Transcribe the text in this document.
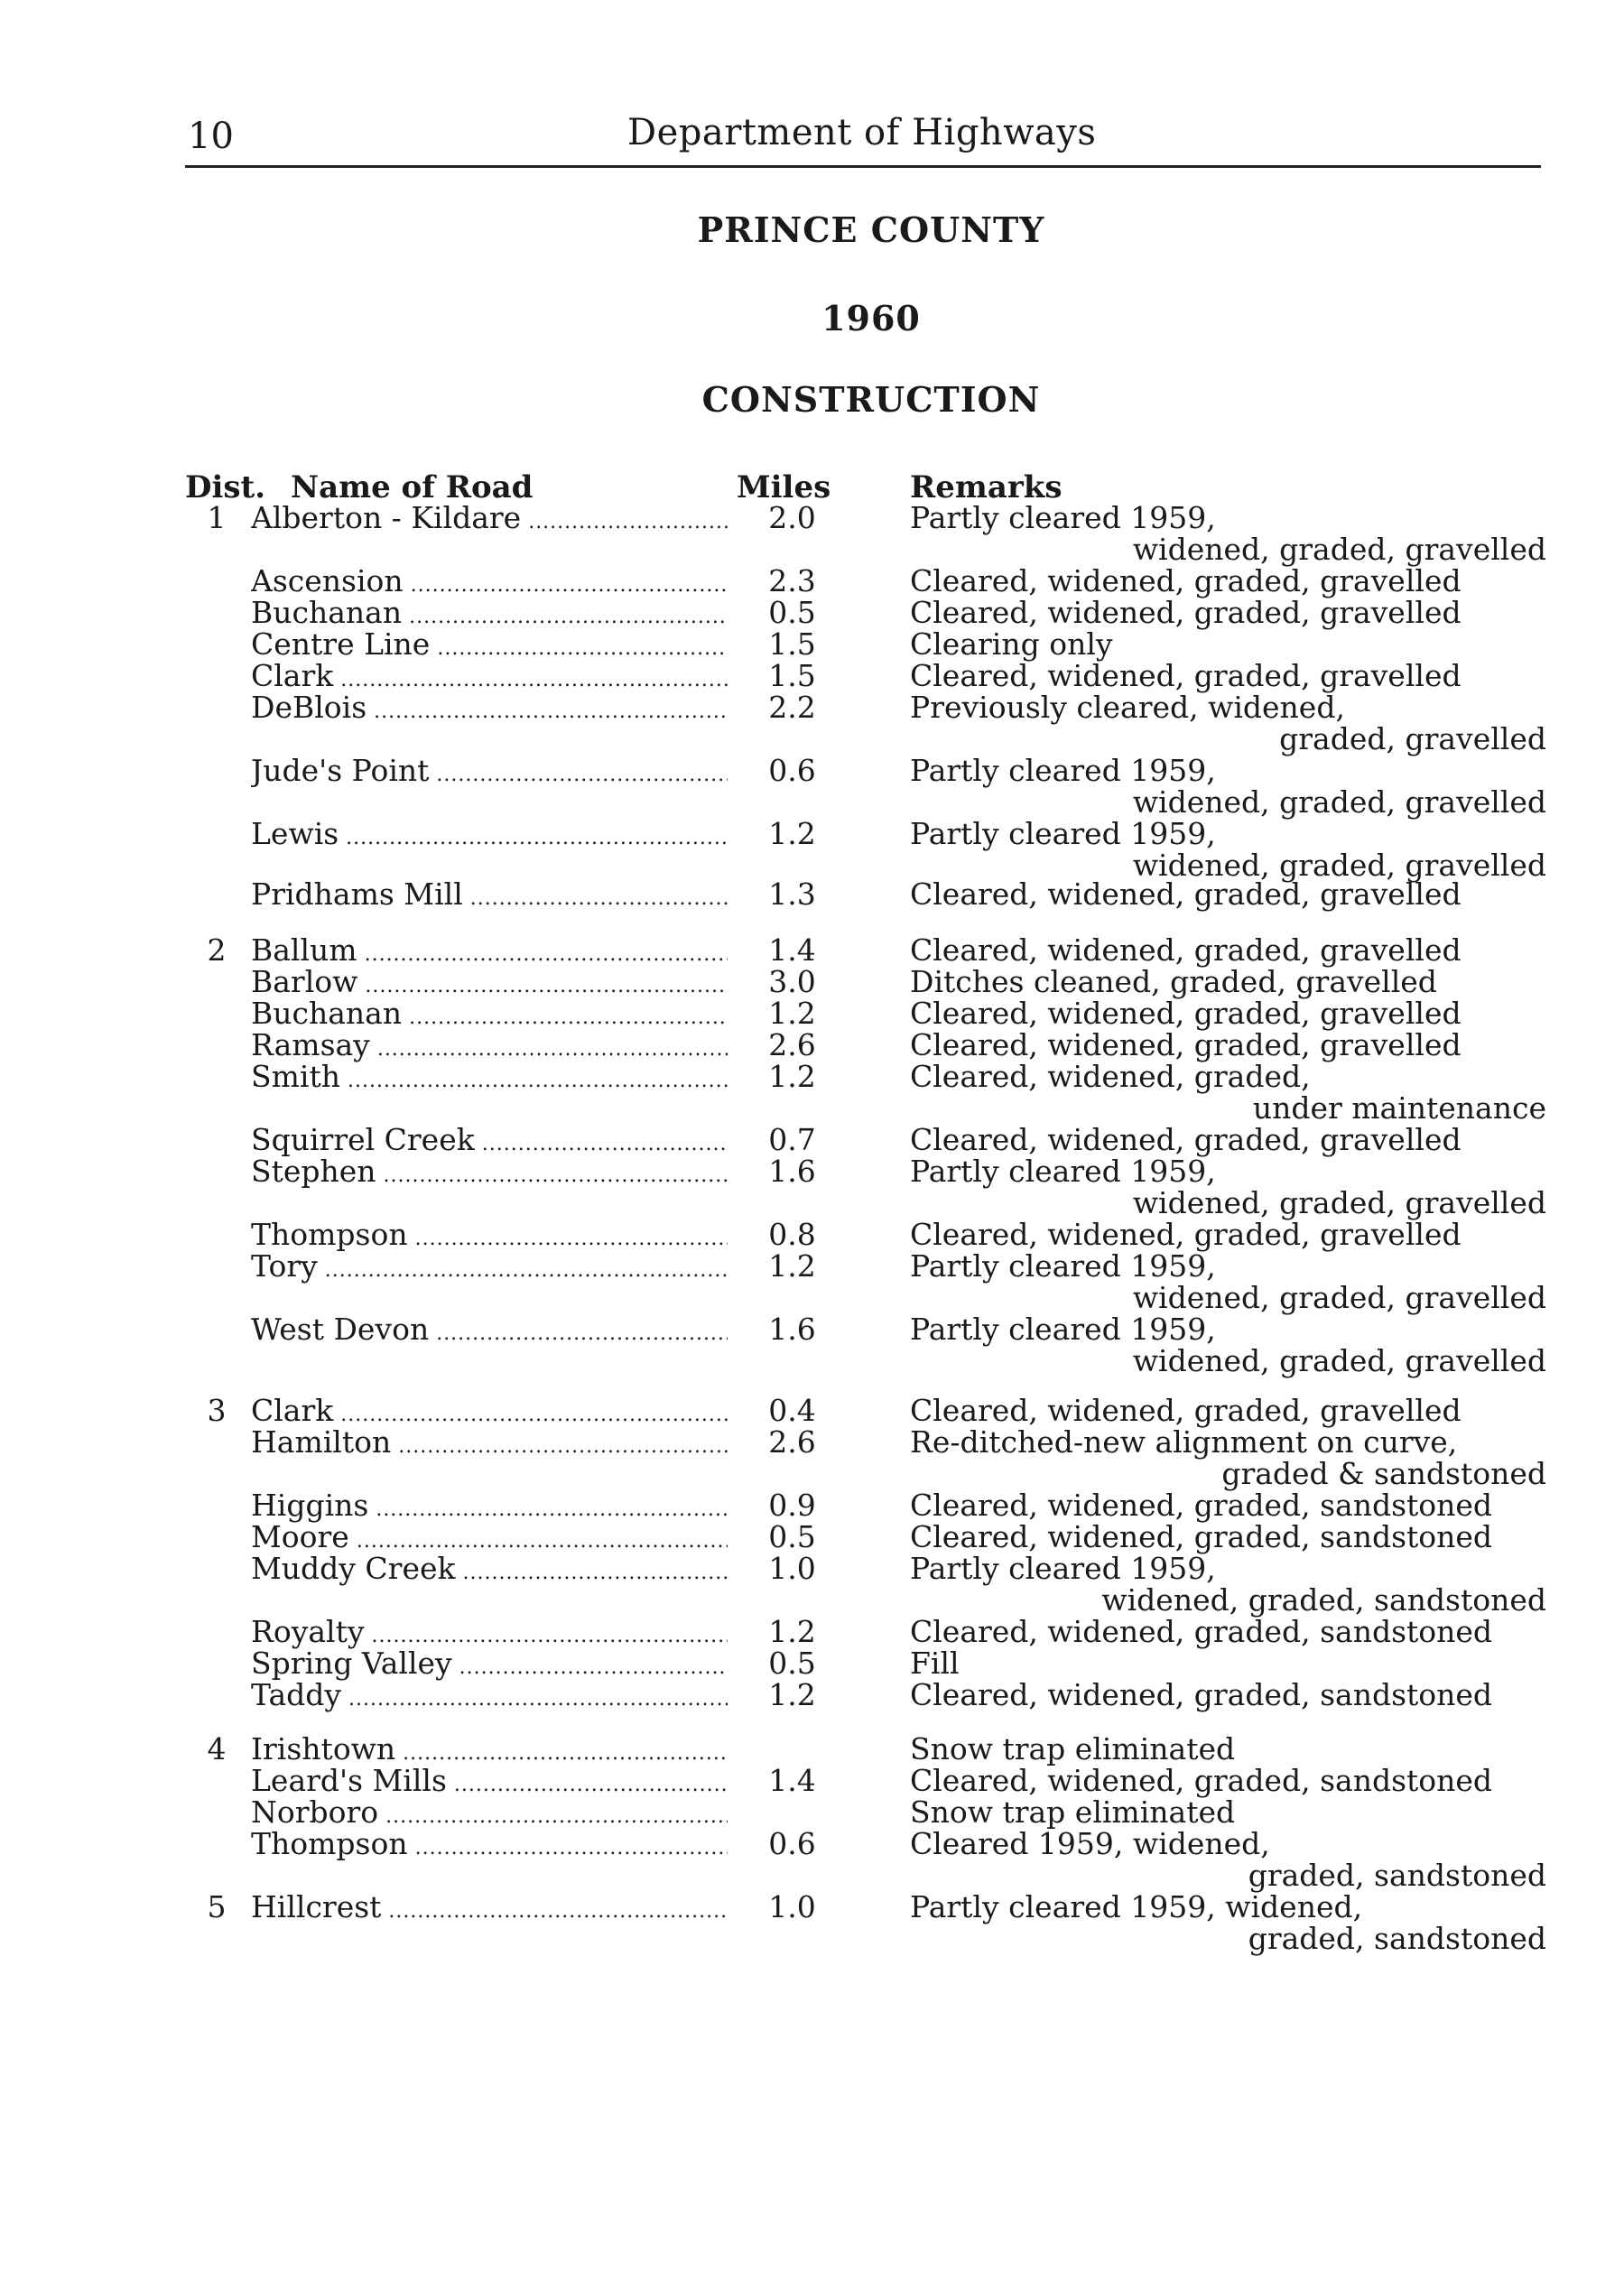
10	Department of Highways
PRINCE COUNTY
1960
CONSTRUCTION
Dist. Name of Road	Miles	Remarks
1 Alberton - Kildare .....	2.0	Partly cleared 1959,
widened, graded, gravelled
Ascension .....	2.3	Cleared, widened, graded, gravelled
Buchanan .....	0.5	Cleared, widened, graded, gravelled
Centre Line .....	1.5	Clearing only
Clark .....	1.5	Cleared, widened, graded, gravelled
DeBlois .....	2.2	Previously cleared, widened,
graded, gravelled
Jude's Point .....	0.6	Partly cleared 1959,
widened, graded, gravelled
Lewis .....	1.2	Partly cleared 1959,
widened, graded, gravelled
Pridhams Mill .....	1.3	Cleared, widened, graded, gravelled
2 Ballum .....	1.4	Cleared, widened, graded, gravelled
Barlow .....	3.0	Ditches cleaned, graded, gravelled
Buchanan .....	1.2	Cleared, widened, graded, gravelled
Ramsay .....	2.6	Cleared, widened, graded, gravelled
Smith .....	1.2	Cleared, widened, graded,
under maintenance
Squirrel Creek .....	0.7	Cleared, widened, graded, gravelled
Stephen .....	1.6	Partly cleared 1959,
widened, graded, gravelled
Thompson .....	0.8	Cleared, widened, graded, gravelled
Tory .....	1.2	Partly cleared 1959,
widened, graded, gravelled
West Devon .....	1.6	Partly cleared 1959,
widened, graded, gravelled
3 Clark .....	0.4	Cleared, widened, graded, gravelled
Hamilton .....	2.6	Re-ditched-new alignment on curve,
graded & sandstoned
Higgins .....	0.9	Cleared, widened, graded, sandstoned
Moore .....	0.5	Cleared, widened, graded, sandstoned
Muddy Creek .....	1.0	Partly cleared 1959,
widened, graded, sandstoned
Royalty .....	1.2	Cleared, widened, graded, sandstoned
Spring Valley .....	0.5	Fill
Taddy .....	1.2	Cleared, widened, graded, sandstoned
4 Irishtown .....	Snow trap eliminated
Leard's Mills .....	1.4	Cleared, widened, graded, sandstoned
Norboro .....	Snow trap eliminated
Thompson .....	0.6	Cleared 1959, widened,
graded, sandstoned
5 Hillcrest .....	1.0	Partly cleared 1959, widened,
graded, sandstoned
